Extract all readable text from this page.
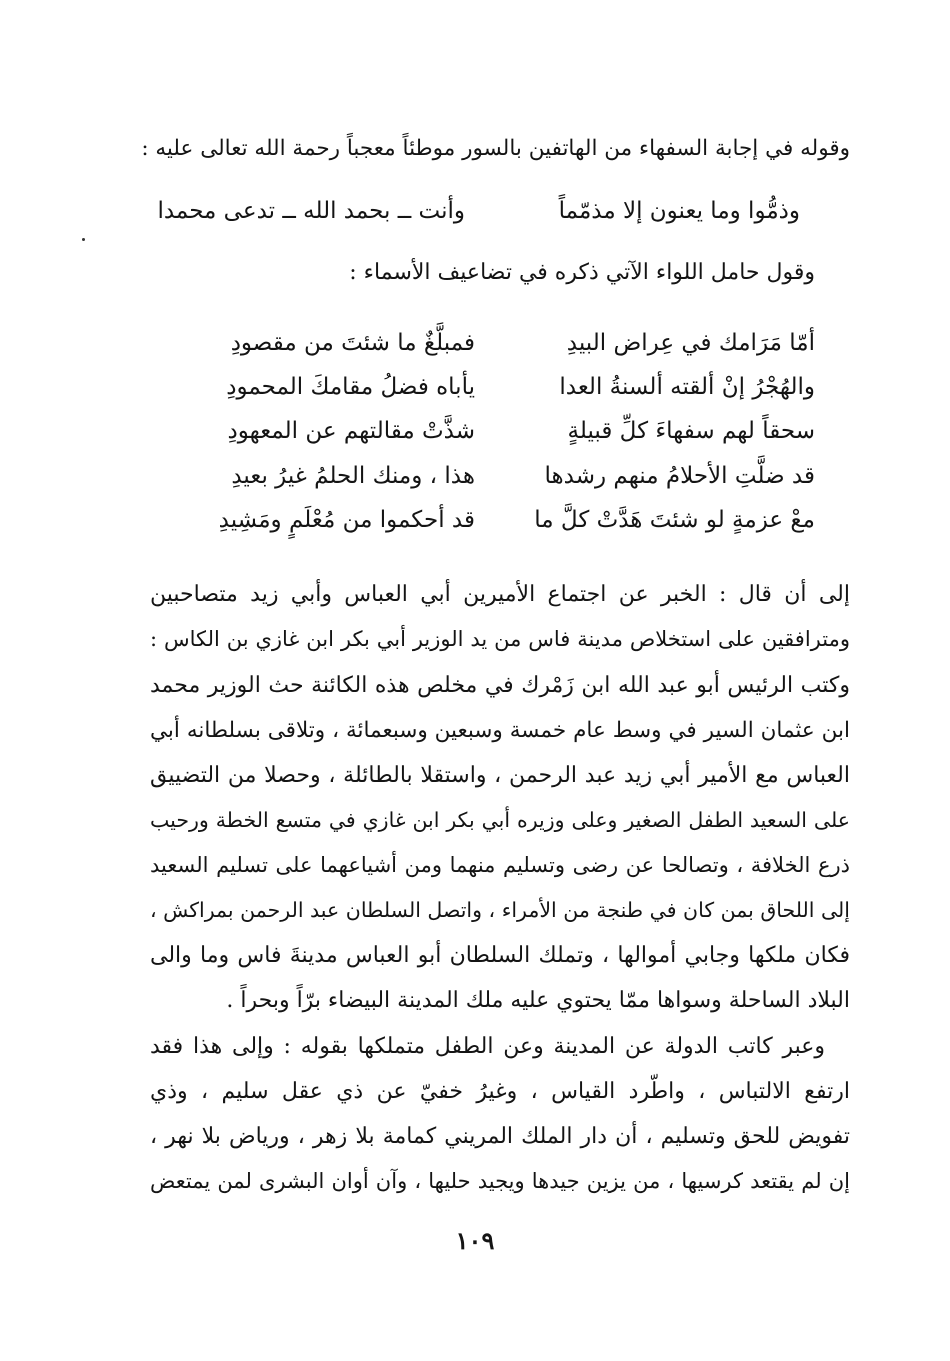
وقوله في إجابة السفهاء من الهاتفين بالسور موطئاً معجباً رحمة الله تعالى عليه :
وذمُّوا وما يعنون إلا مذمّماً
وأنت ــ بحمد الله ــ تدعى محمدا
وقول حامل اللواء الآتي ذكره في تضاعيف الأسماء :
أمّا مَرَامك في عِراض البيدِ
فمبلَّغٌ ما شئتَ من مقصودِ
والهُجْرُ إنْ ألقته ألسنةُ العدا
يأباه فضلُ مقامكَ المحمودِ
سحقاً لهم سفهاءَ كلِّ قبيلةٍ
شذَّتْ مقالتهم عن المعهودِ
قد ضلَّتِ الأحلامُ منهم رشدها
هذا ، ومنك الحلمُ غيرُ بعيدِ
معْ عزمةٍ لو شئتَ هَدَّتْ كلَّ ما
قد أحكموا من مُعْلَمٍ ومَشِيدِ
إلى أن قال : الخبر عن اجتماع الأميرين أبي العباس وأبي زيد متصاحبين
ومترافقين على استخلاص مدينة فاس من يد الوزير أبي بكر ابن غازي بن الكاس :
وكتب الرئيس أبو عبد الله ابن زَمْرك في مخلص هذه الكائنة حث الوزير محمد
ابن عثمان السير في وسط عام خمسة وسبعين وسبعمائة ، وتلاقى بسلطانه أبي
العباس مع الأمير أبي زيد عبد الرحمن ، واستقلا بالطائلة ، وحصلا من التضييق
على السعيد الطفل الصغير وعلى وزيره أبي بكر ابن غازي في متسع الخطة ورحيب
ذرع الخلافة ، وتصالحا عن رضى وتسليم منهما ومن أشياعهما على تسليم السعيد
إلى اللحاق بمن كان في طنجة من الأمراء ، واتصل السلطان عبد الرحمن بمراكش ،
فكان ملكها وجابي أموالها ، وتملك السلطان أبو العباس مدينةَ فاس وما والى
البلاد الساحلة وسواها ممّا يحتوي عليه ملك المدينة البيضاء برّاً وبحراً .
وعبر كاتب الدولة عن المدينة وعن الطفل متملكها بقوله : وإلى هذا فقد
ارتفع الالتباس ، واطّرد القياس ، وغيرُ خفيّ عن ذي عقل سليم ، وذي
تفويض للحق وتسليم ، أن دار الملك المريني كمامة بلا زهر ، ورياض بلا نهر ،
إن لم يقتعد كرسيها ، من يزين جيدها ويجيد حليها ، وآن أوان البشرى لمن يمتعض
١٠٩
